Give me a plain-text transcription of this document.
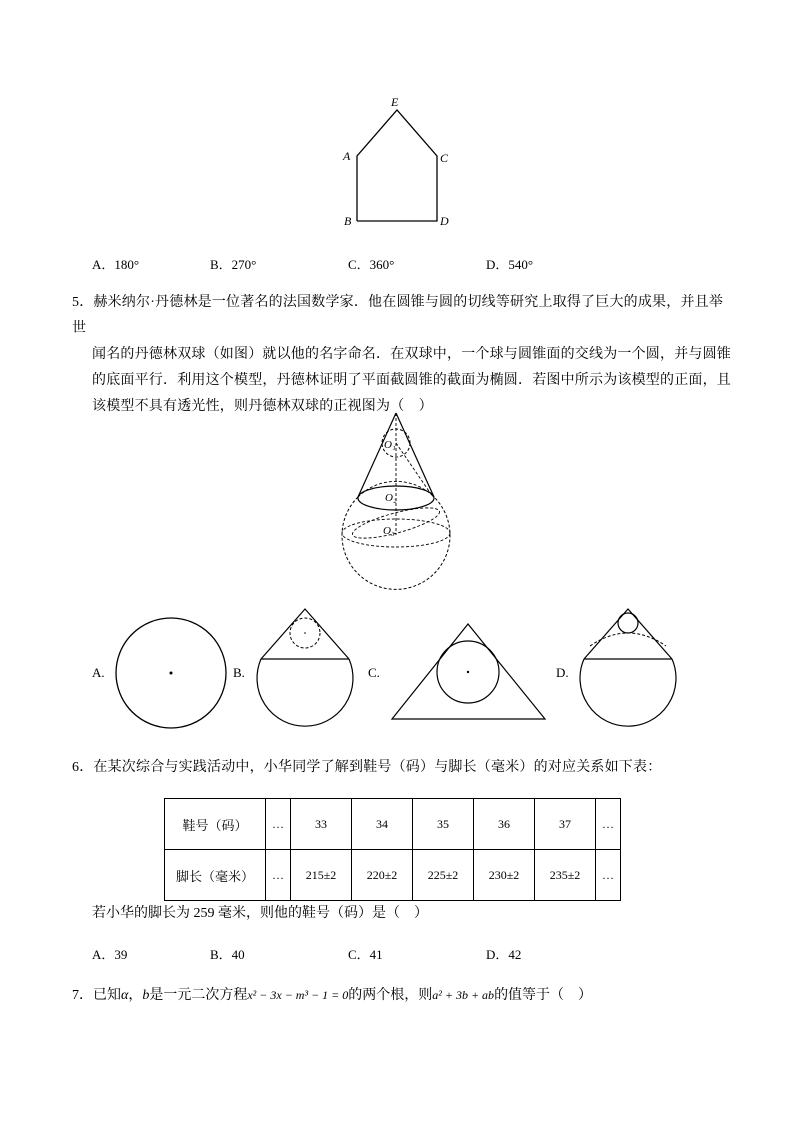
E
A	C
B	D
A．180°	B．270°	C．360°	D．540°
5．赫米纳尔·丹德林是一位著名的法国数学家．他在圆锥与圆的切线等研究上取得了巨大的成果，并且举世
闻名的丹德林双球（如图）就以他的名字命名．在双球中，一个球与圆锥面的交线为一个圆，并与圆锥
的底面平行．利用这个模型，丹德林证明了平面截圆锥的截面为椭圆．若图中所示为该模型的正面，且
该模型不具有透光性，则丹德林双球的正视图为（　）
O₁
O₂
O₃
A.	B.	C.	D.
6．在某次综合与实践活动中，小华同学了解到鞋号（码）与脚长（毫米）的对应关系如下表：
鞋号（码）	…	33	34	35	36	37	…
脚长（毫米）	…	215±2	220±2	225±2	230±2	235±2	…
若小华的脚长为 259 毫米，则他的鞋号（码）是（　）
A．39	B．40	C．41	D．42
7．已知α，b是一元二次方程x² − 3x − m³ − 1 = 0的两个根，则a² + 3b + ab的值等于（　）
